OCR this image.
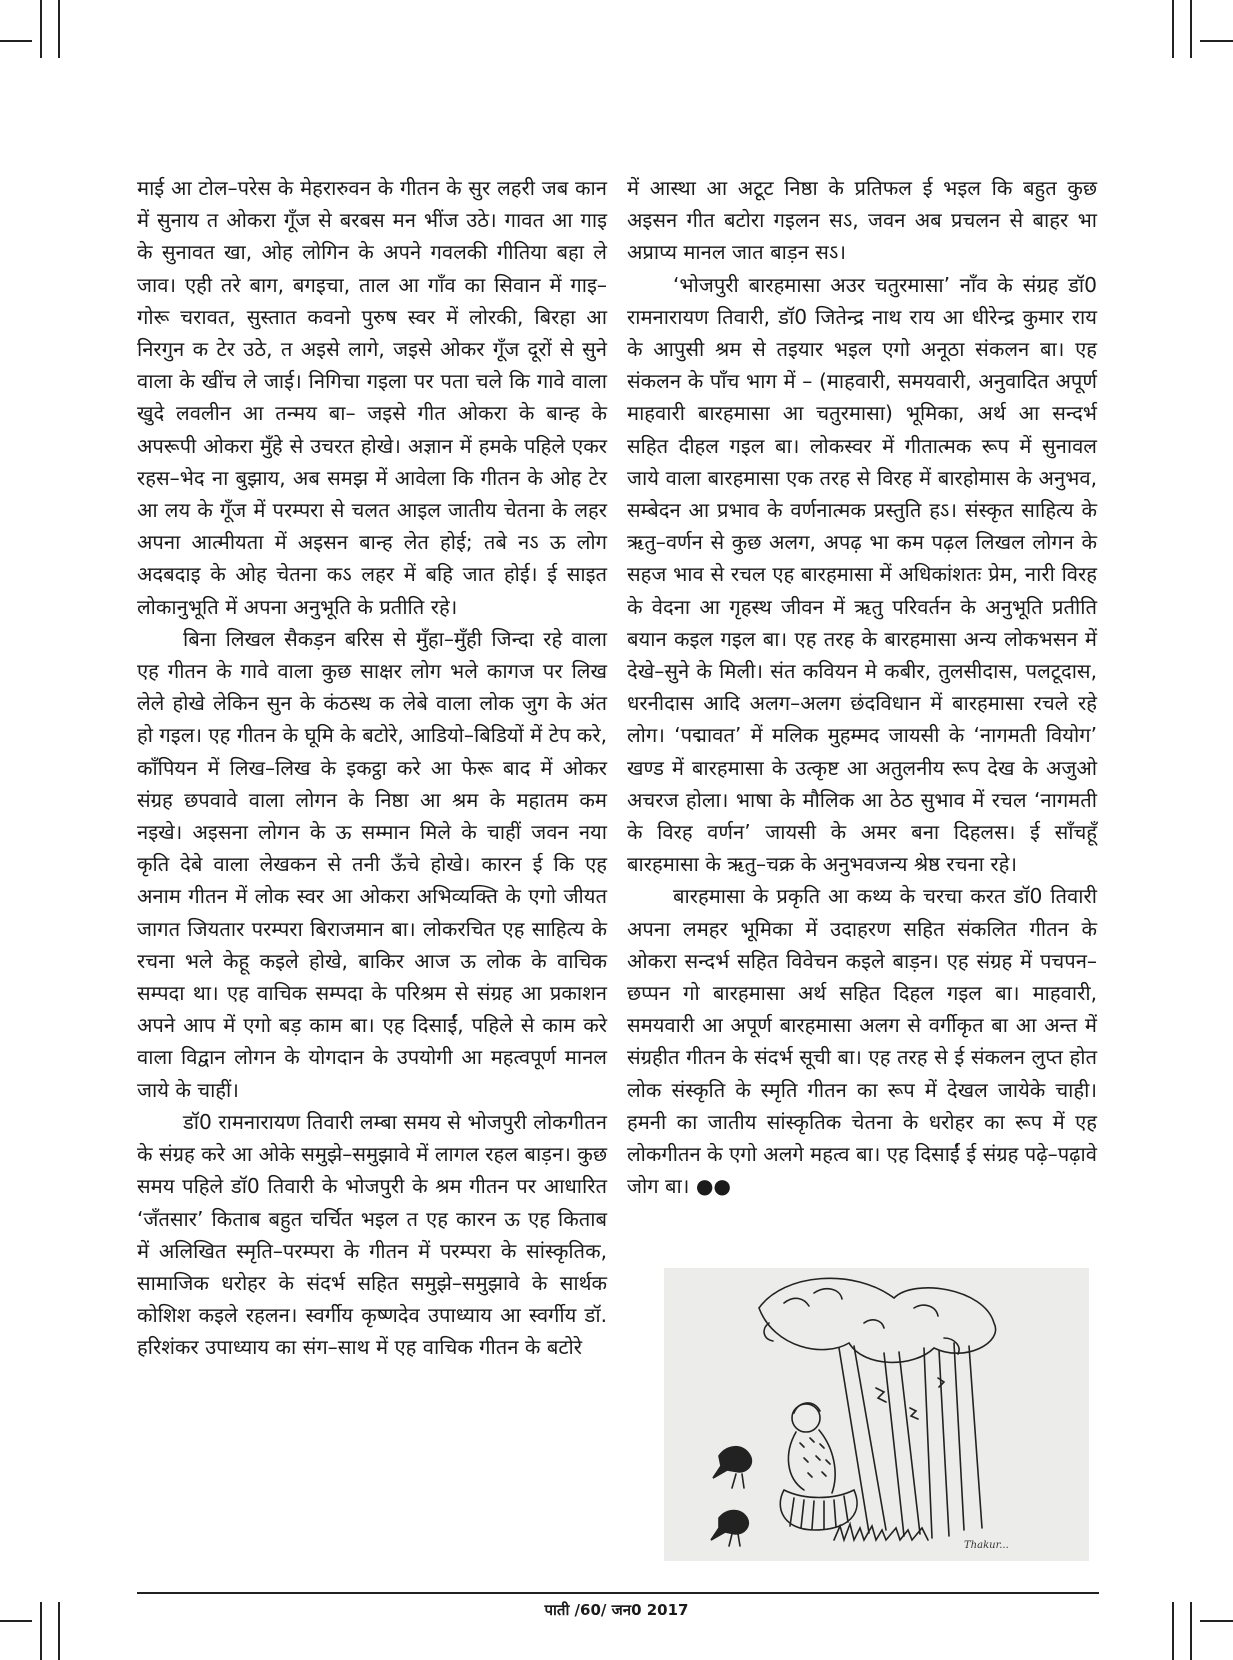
माई आ टोल–परेस के मेहरारुवन के गीतन के सुर लहरी जब कान में सुनाय त ओकरा गूँज से बरबस मन भींज उठे। गावत आ गाइ के सुनावत खा, ओह लोगिन के अपने गवलकी गीतिया बहा ले जाव। एही तरे बाग, बगइचा, ताल आ गाँव का सिवान में गाइ–गोरू चरावत, सुस्तात कवनो पुरुष स्वर में लोरकी, बिरहा आ निरगुन क टेर उठे, त अइसे लागे, जइसे ओकर गूँज दूरों से सुने वाला के खींच ले जाई। निगिचा गइला पर पता चले कि गावे वाला खुदे लवलीन आ तन्मय बा– जइसे गीत ओकरा के बान्ह के अपरूपी ओकरा मुँहे से उचरत होखे। अज्ञान में हमके पहिले एकर रहस–भेद ना बुझाय, अब समझ में आवेला कि गीतन के ओह टेर आ लय के गूँज में परम्परा से चलत आइल जातीय चेतना के लहर अपना आत्मीयता में अइसन बान्ह लेत होई; तबे नऽ ऊ लोग अदबदाइ के ओह चेतना कऽ लहर में बहि जात होई। ई साइत लोकानुभूति में अपना अनुभूति के प्रतीति रहे।

बिना लिखल सैकड़न बरिस से मुँहा–मुँही जिन्दा रहे वाला एह गीतन के गावे वाला कुछ साक्षर लोग भले कागज पर लिख लेले होखे लेकिन सुन के कंठस्थ क लेबे वाला लोक जुग के अंत हो गइल। एह गीतन के घूमि के बटोरे, आडियो–बिडियों में टेप करे, काँपियन में लिख–लिख के इकट्ठा करे आ फेरू बाद में ओकर संग्रह छपवावे वाला लोगन के निष्ठा आ श्रम के महातम कम नइखे। अइसना लोगन के ऊ सम्मान मिले के चाहीं जवन नया कृति देबे वाला लेखकन से तनी ऊँचे होखे। कारन ई कि एह अनाम गीतन में लोक स्वर आ ओकरा अभिव्यक्ति के एगो जीयत जागत जियतार परम्परा बिराजमान बा। लोकरचित एह साहित्य के रचना भले केहू कइले होखे, बाकिर आज ऊ लोक के वाचिक सम्पदा था। एह वाचिक सम्पदा के परिश्रम से संग्रह आ प्रकाशन अपने आप में एगो बड़ काम बा। एह दिसाईं, पहिले से काम करे वाला विद्वान लोगन के योगदान के उपयोगी आ महत्वपूर्ण मानल जाये के चाहीं।

डॉ0 रामनारायण तिवारी लम्बा समय से भोजपुरी लोकगीतन के संग्रह करे आ ओके समुझे–समुझावे में लागल रहल बाड़न। कुछ समय पहिले डॉ0 तिवारी के भोजपुरी के श्रम गीतन पर आधारित ‘जँतसार’ किताब बहुत चर्चित भइल त एह कारन ऊ एह किताब में अलिखित स्मृति–परम्परा के गीतन में परम्परा के सांस्कृतिक, सामाजिक धरोहर के संदर्भ सहित समुझे–समुझावे के सार्थक कोशिश कइले रहलन। स्वर्गीय कृष्णदेव उपाध्याय आ स्वर्गीय डॉ. हरिशंकर उपाध्याय का संग–साथ में एह वाचिक गीतन के बटोरे

में आस्था आ अटूट निष्ठा के प्रतिफल ई भइल कि बहुत कुछ अइसन गीत बटोरा गइलन सऽ, जवन अब प्रचलन से बाहर भा अप्राप्य मानल जात बाड़न सऽ।

‘भोजपुरी बारहमासा अउर चतुरमासा’ नाँव के संग्रह डॉ0 रामनारायण तिवारी, डॉ0 जितेन्द्र नाथ राय आ धीरेन्द्र कुमार राय के आपुसी श्रम से तइयार भइल एगो अनूठा संकलन बा। एह संकलन के पाँच भाग में – (माहवारी, समयवारी, अनुवादित अपूर्ण माहवारी बारहमासा आ चतुरमासा) भूमिका, अर्थ आ सन्दर्भ सहित दीहल गइल बा। लोकस्वर में गीतात्मक रूप में सुनावल जाये वाला बारहमासा एक तरह से विरह में बारहोमास के अनुभव, सम्बेदन आ प्रभाव के वर्णनात्मक प्रस्तुति हऽ। संस्कृत साहित्य के ऋतु–वर्णन से कुछ अलग, अपढ़ भा कम पढ़ल लिखल लोगन के सहज भाव से रचल एह बारहमासा में अधिकांशतः प्रेम, नारी विरह के वेदना आ गृहस्थ जीवन में ऋतु परिवर्तन के अनुभूति प्रतीति बयान कइल गइल बा। एह तरह के बारहमासा अन्य लोकभसन में देखे–सुने के मिली। संत कवियन मे कबीर, तुलसीदास, पलटूदास, धरनीदास आदि अलग–अलग छंदविधान में बारहमासा रचले रहे लोग। ‘पद्मावत’ में मलिक मुहम्मद जायसी के ‘नागमती वियोग’ खण्ड में बारहमासा के उत्कृष्ट आ अतुलनीय रूप देख के अजुओ अचरज होला। भाषा के मौलिक आ ठेठ सुभाव में रचल ‘नागमती के विरह वर्णन’ जायसी के अमर बना दिहलस। ई साँचहूँ बारहमासा के ऋतु–चक्र के अनुभवजन्य श्रेष्ठ रचना रहे।

बारहमासा के प्रकृति आ कथ्य के चरचा करत डॉ0 तिवारी अपना लमहर भूमिका में उदाहरण सहित संकलित गीतन के ओकरा सन्दर्भ सहित विवेचन कइले बाड़न। एह संग्रह में पचपन–छप्पन गो बारहमासा अर्थ सहित दिहल गइल बा। माहवारी, समयवारी आ अपूर्ण बारहमासा अलग से वर्गीकृत बा आ अन्त में संग्रहीत गीतन के संदर्भ सूची बा। एह तरह से ई संकलन लुप्त होत लोक संस्कृति के स्मृति गीतन का रूप में देखल जायेके चाही। हमनी का जातीय सांस्कृतिक चेतना के धरोहर का रूप में एह लोकगीतन के एगो अलगे महत्व बा। एह दिसाईं ई संग्रह पढ़े–पढ़ावे जोग बा। ●●

Thakur...
पाती /60/ जन0 2017
